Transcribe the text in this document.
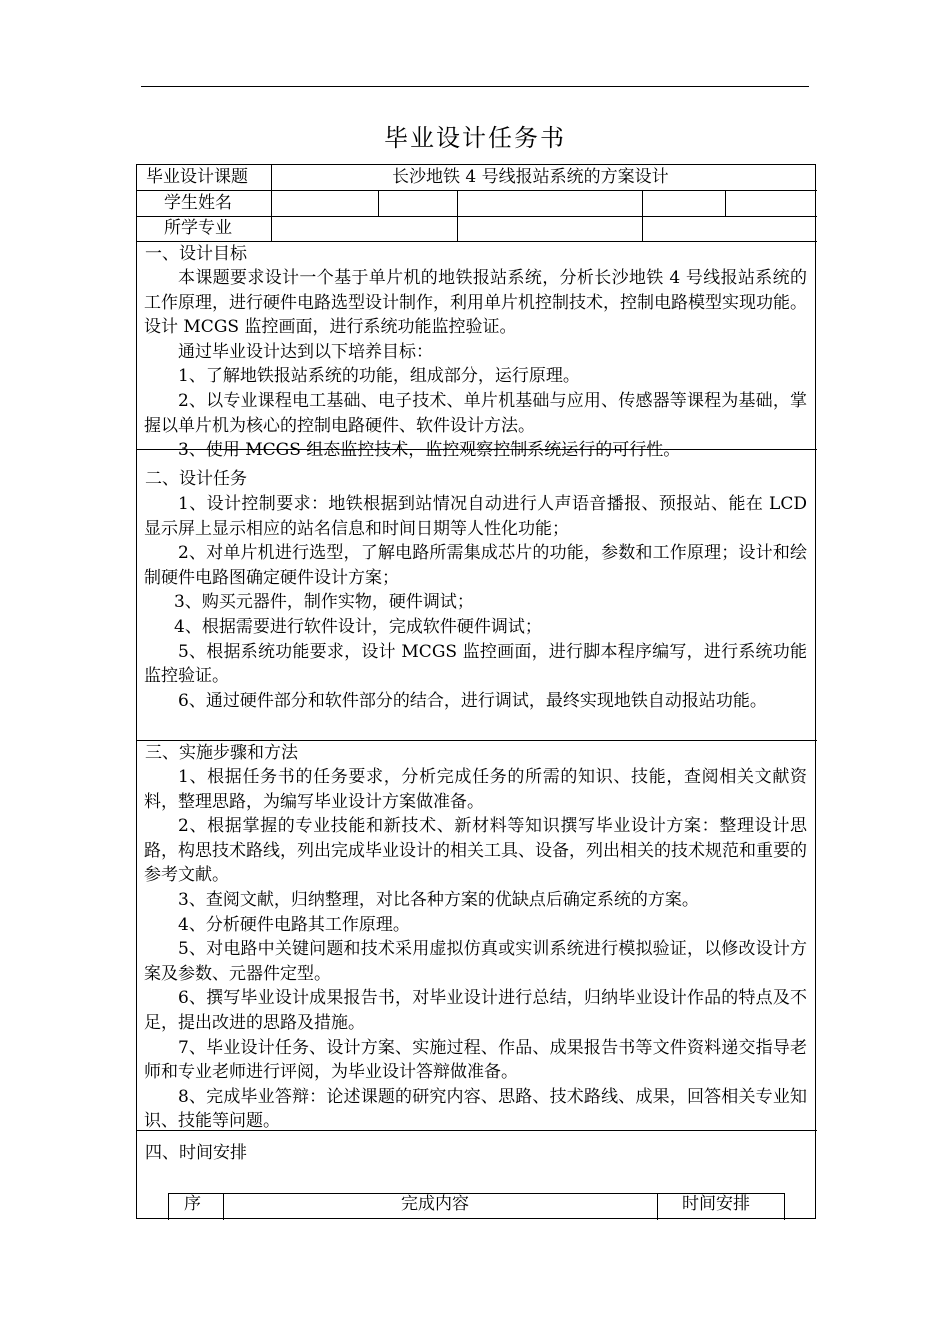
毕业设计任务书
毕业设计课题	长沙地铁 4 号线报站系统的方案设计
学生姓名
所学专业
一、设计目标

本课题要求设计一个基于单片机的地铁报站系统，分析长沙地铁 4 号线报站系统的工作原理，进行硬件电路选型设计制作，利用单片机控制技术，控制电路模型实现功能。设计 MCGS 监控画面，进行系统功能监控验证。

通过毕业设计达到以下培养目标：

1、了解地铁报站系统的功能，组成部分，运行原理。

2、以专业课程电工基础、电子技术、单片机基础与应用、传感器等课程为基础，掌握以单片机为核心的控制电路硬件、软件设计方法。

3、使用 MCGS 组态监控技术，监控观察控制系统运行的可行性。

二、设计任务

1、设计控制要求：地铁根据到站情况自动进行人声语音播报、预报站、能在 LCD 显示屏上显示相应的站名信息和时间日期等人性化功能；

2、对单片机进行选型，了解电路所需集成芯片的功能，参数和工作原理；设计和绘制硬件电路图确定硬件设计方案；

3、购买元器件，制作实物，硬件调试；

4、根据需要进行软件设计，完成软件硬件调试；

5、根据系统功能要求，设计 MCGS 监控画面，进行脚本程序编写，进行系统功能监控验证。

6、通过硬件部分和软件部分的结合，进行调试，最终实现地铁自动报站功能。

三、实施步骤和方法

1、根据任务书的任务要求，分析完成任务的所需的知识、技能，查阅相关文献资料，整理思路，为编写毕业设计方案做准备。

2、根据掌握的专业技能和新技术、新材料等知识撰写毕业设计方案：整理设计思路，构思技术路线，列出完成毕业设计的相关工具、设备，列出相关的技术规范和重要的参考文献。

3、查阅文献，归纳整理，对比各种方案的优缺点后确定系统的方案。

4、分析硬件电路其工作原理。

5、对电路中关键问题和技术采用虚拟仿真或实训系统进行模拟验证，以修改设计方案及参数、元器件定型。

6、撰写毕业设计成果报告书，对毕业设计进行总结，归纳毕业设计作品的特点及不足，提出改进的思路及措施。

7、毕业设计任务、设计方案、实施过程、作品、成果报告书等文件资料递交指导老师和专业老师进行评阅，为毕业设计答辩做准备。

8、完成毕业答辩：论述课题的研究内容、思路、技术路线、成果，回答相关专业知识、技能等问题。

四、时间安排
序	完成内容	时间安排
